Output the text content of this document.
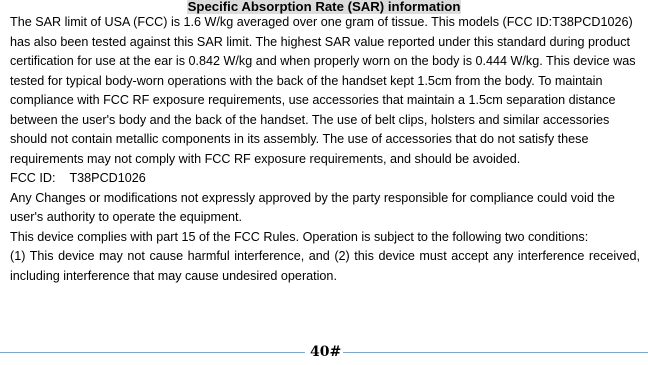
Specific Absorption Rate (SAR) information

The SAR limit of USA (FCC) is 1.6 W/kg averaged over one gram of tissue. This models (FCC ID:T38PCD1026) has also been tested against this SAR limit. The highest SAR value reported under this standard during product certification for use at the ear is 0.842 W/kg and when properly worn on the body is 0.444 W/kg. This device was tested for typical body-worn operations with the back of the handset kept 1.5cm from the body. To maintain compliance with FCC RF exposure requirements, use accessories that maintain a 1.5cm separation distance between the user's body and the back of the handset. The use of belt clips, holsters and similar accessories should not contain metallic components in its assembly. The use of accessories that do not satisfy these requirements may not comply with FCC RF exposure requirements, and should be avoided.

FCC ID: T38PCD1026

Any Changes or modifications not expressly approved by the party responsible for compliance could void the user's authority to operate the equipment.

This device complies with part 15 of the FCC Rules. Operation is subject to the following two conditions:

(1) This device may not cause harmful interference, and (2) this device must accept any interference received, including interference that may cause undesired operation.

40#
